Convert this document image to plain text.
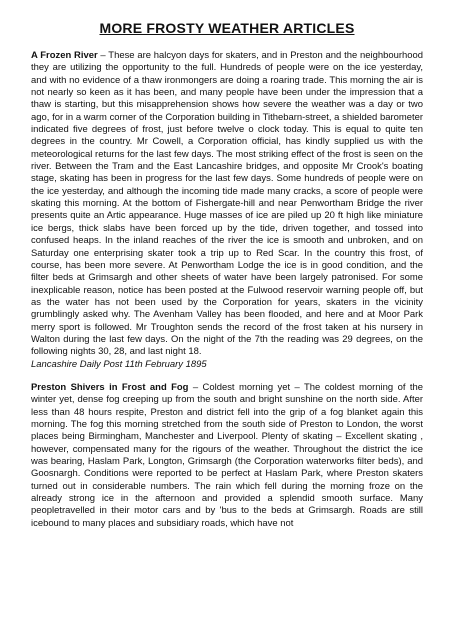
MORE FROSTY WEATHER ARTICLES

A Frozen River – These are halcyon days for skaters, and in Preston and the neighbourhood they are utilizing the opportunity to the full. Hundreds of people were on the ice yesterday, and with no evidence of a thaw ironmongers are doing a roaring trade. This morning the air is not nearly so keen as it has been, and many people have been under the impression that a thaw is starting, but this misapprehension shows how severe the weather was a day or two ago, for in a warm corner of the Corporation building in Tithebarn-street, a shielded barometer indicated five degrees of frost, just before twelve o clock today. This is equal to quite ten degrees in the country. Mr Cowell, a Corporation official, has kindly supplied us with the meteorological returns for the last few days. The most striking effect of the frost is seen on the river. Between the Tram and the East Lancashire bridges, and opposite Mr Crook's boating stage, skating has been in progress for the last few days. Some hundreds of people were on the ice yesterday, and although the incoming tide made many cracks, a score of people were skating this morning. At the bottom of Fishergate-hill and near Penwortham Bridge the river presents quite an Artic appearance. Huge masses of ice are piled up 20 ft high like miniature ice bergs, thick slabs have been forced up by the tide, driven together, and tossed into confused heaps. In the inland reaches of the river the ice is smooth and unbroken, and on Saturday one enterprising skater took a trip up to Red Scar. In the country this frost, of course, has been more severe. At Penwortham Lodge the ice is in good condition, and the filter beds at Grimsargh and other sheets of water have been largely patronised. For some inexplicable reason, notice has been posted at the Fulwood reservoir warning people off, but as the water has not been used by the Corporation for years, skaters in the vicinity grumblingly asked why. The Avenham Valley has been flooded, and here and at Moor Park merry sport is followed. Mr Troughton sends the record of the frost taken at his nursery in Walton during the last few days. On the night of the 7th the reading was 29 degrees, on the following nights 30, 28, and last night 18.
Lancashire Daily Post 11th February 1895

Preston Shivers in Frost and Fog – Coldest morning yet – The coldest morning of the winter yet, dense fog creeping up from the south and bright sunshine on the north side. After less than 48 hours respite, Preston and district fell into the grip of a fog blanket again this morning. The fog this morning stretched from the south side of Preston to London, the worst places being Birmingham, Manchester and Liverpool. Plenty of skating – Excellent skating , however, compensated many for the rigours of the weather. Throughout the district the ice was bearing, Haslam Park, Longton, Grimsargh (the Corporation waterworks filter beds), and Goosnargh. Conditions were reported to be perfect at Haslam Park, where Preston skaters turned out in considerable numbers. The rain which fell during the morning froze on the already strong ice in the afternoon and provided a splendid smooth surface. Many peopletravelled in their motor cars and by 'bus to the beds at Grimsargh. Roads are still icebound to many places and subsidiary roads, which have not
